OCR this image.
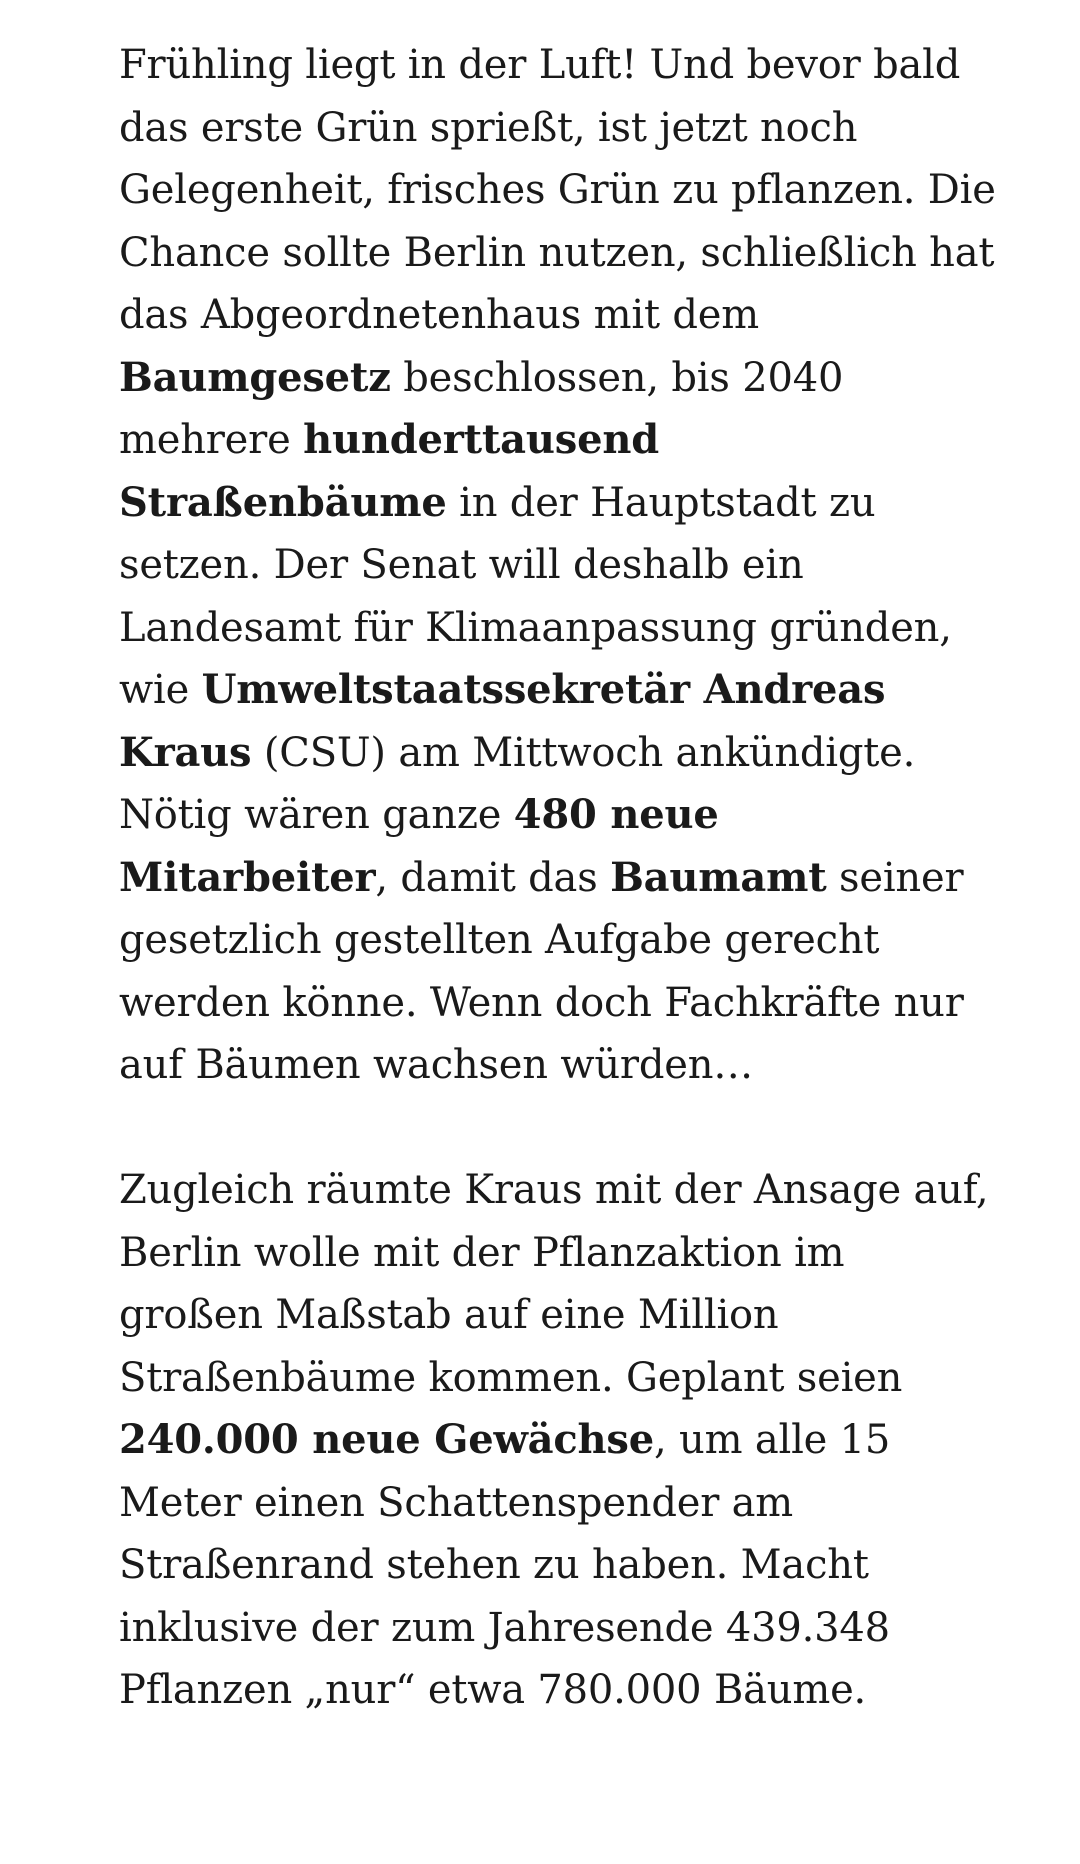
Frühling liegt in der Luft! Und bevor bald das erste Grün sprießt, ist jetzt noch Gelegenheit, frisches Grün zu pflanzen. Die Chance sollte Berlin nutzen, schließlich hat das Abgeordnetenhaus mit dem Baumgesetz beschlossen, bis 2040 mehrere hunderttausend Straßenbäume in der Hauptstadt zu setzen. Der Senat will deshalb ein Landesamt für Klimaanpassung gründen, wie Umweltstaatssekretär Andreas Kraus (CSU) am Mittwoch ankündigte. Nötig wären ganze 480 neue Mitarbeiter, damit das Baumamt seiner gesetzlich gestellten Aufgabe gerecht werden könne. Wenn doch Fachkräfte nur auf Bäumen wachsen würden…

Zugleich räumte Kraus mit der Ansage auf, Berlin wolle mit der Pflanzaktion im großen Maßstab auf eine Million Straßenbäume kommen. Geplant seien 240.000 neue Gewächse, um alle 15 Meter einen Schattenspender am Straßenrand stehen zu haben. Macht inklusive der zum Jahresende 439.348 Pflanzen „nur“ etwa 780.000 Bäume.
